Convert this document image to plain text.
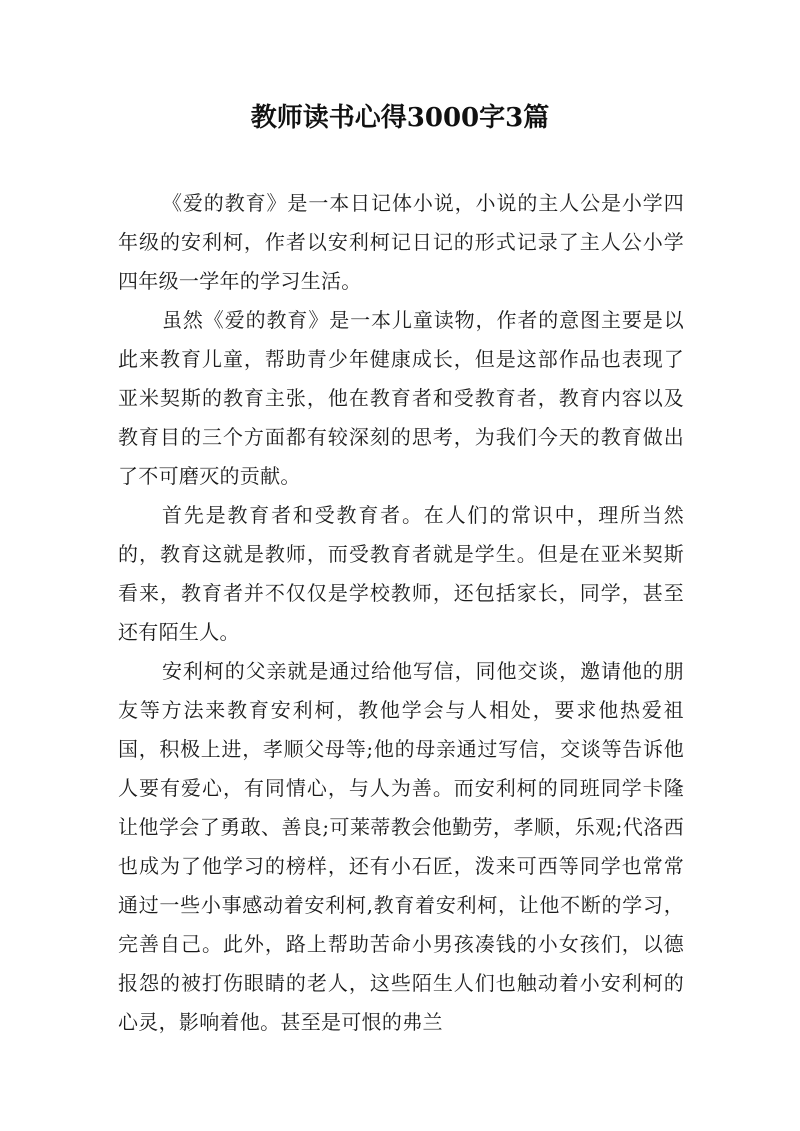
教师读书心得3000字3篇

《爱的教育》是一本日记体小说，小说的主人公是小学四年级的安利柯，作者以安利柯记日记的形式记录了主人公小学四年级一学年的学习生活。

虽然《爱的教育》是一本儿童读物，作者的意图主要是以此来教育儿童，帮助青少年健康成长，但是这部作品也表现了亚米契斯的教育主张，他在教育者和受教育者，教育内容以及教育目的三个方面都有较深刻的思考，为我们今天的教育做出了不可磨灭的贡献。

首先是教育者和受教育者。在人们的常识中，理所当然的，教育这就是教师，而受教育者就是学生。但是在亚米契斯看来，教育者并不仅仅是学校教师，还包括家长，同学，甚至还有陌生人。

安利柯的父亲就是通过给他写信，同他交谈，邀请他的朋友等方法来教育安利柯，教他学会与人相处，要求他热爱祖国，积极上进，孝顺父母等;他的母亲通过写信，交谈等告诉他人要有爱心，有同情心，与人为善。而安利柯的同班同学卡隆让他学会了勇敢、善良;可莱蒂教会他勤劳，孝顺，乐观;代洛西也成为了他学习的榜样，还有小石匠，泼来可西等同学也常常通过一些小事感动着安利柯,教育着安利柯，让他不断的学习，完善自己。此外，路上帮助苦命小男孩凑钱的小女孩们，以德报怨的被打伤眼睛的老人，这些陌生人们也触动着小安利柯的心灵，影响着他。甚至是可恨的弗兰
